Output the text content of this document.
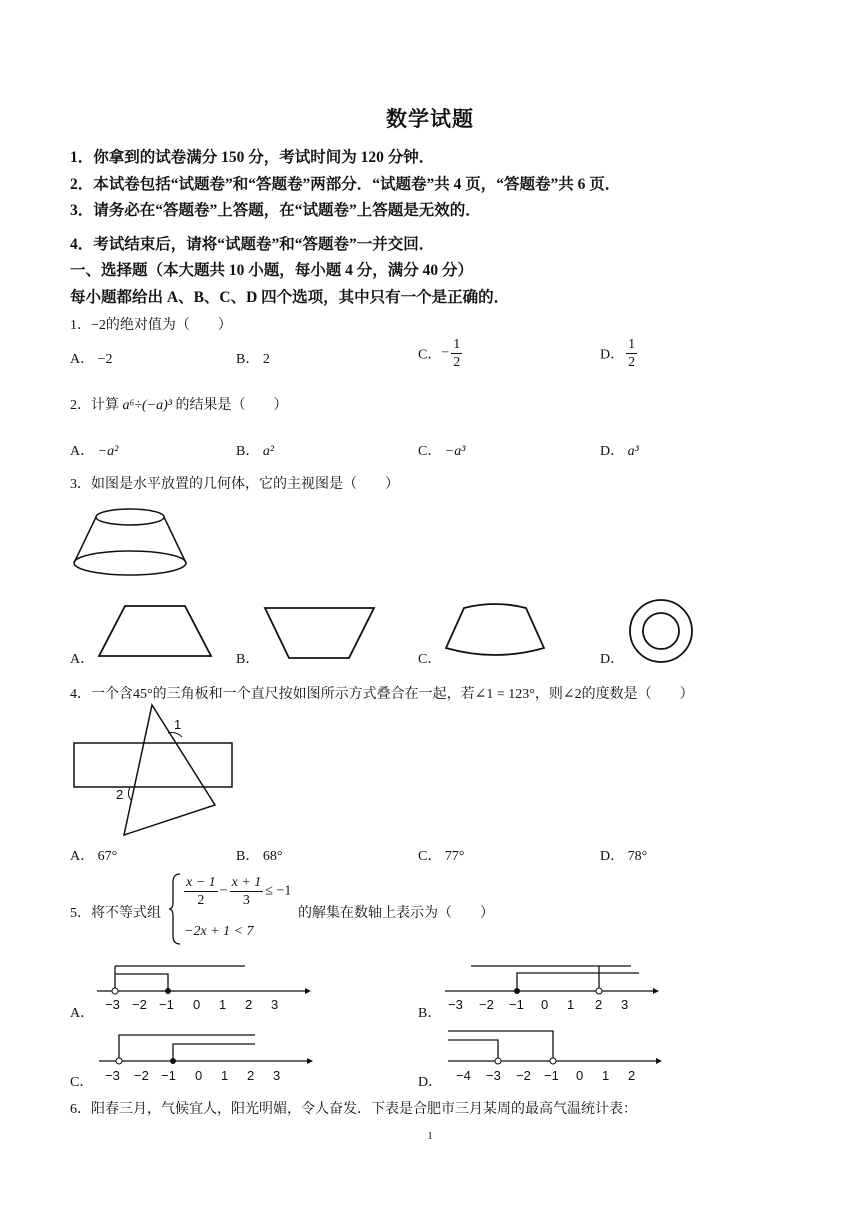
数学试题
1．你拿到的试卷满分 150 分，考试时间为 120 分钟．
2．本试卷包括“试题卷”和“答题卷”两部分．“试题卷”共 4 页，“答题卷”共 6 页．
3．请务必在“答题卷”上答题，在“试题卷”上答题是无效的．
4．考试结束后，请将“试题卷”和“答题卷”一并交回．
一、选择题（本大题共 10 小题，每小题 4 分，满分 40 分）
每小题都给出 A、B、C、D 四个选项，其中只有一个是正确的．
1．−2的绝对值为（　　）
A． −2	B． 2	C．− $\frac{1}{2}$	D． $\frac{1}{2}$
2．计算 a⁶÷(−a)³ 的结果是（　　）
A． −a²	B． a²	C． −a³	D． a³
3．如图是水平放置的几何体，它的主视图是（　　）
A．	B．	C．	D．
4．一个含45°的三角板和一个直尺按如图所示方式叠合在一起，若∠1 = 123°，则∠2的度数是（　　）
1
2
A． 67°	B． 68°	C． 77°	D． 78°
5．将不等式组
$\frac{x - 1}{2} - \frac{x + 1}{3} \le -1$
−2x + 1 < 7
的解集在数轴上表示为（　　）
A．	B．
C．	D．
−3 −2 −1 0 1 2 3	−3 −2 −1 0 1 2 3
−3 −2 −1 0 1 2 3	−4 −3 −2 −1 0 1 2
6．阳春三月，气候宜人，阳光明媚，令人奋发．下表是合肥市三月某周的最高气温统计表：
1
